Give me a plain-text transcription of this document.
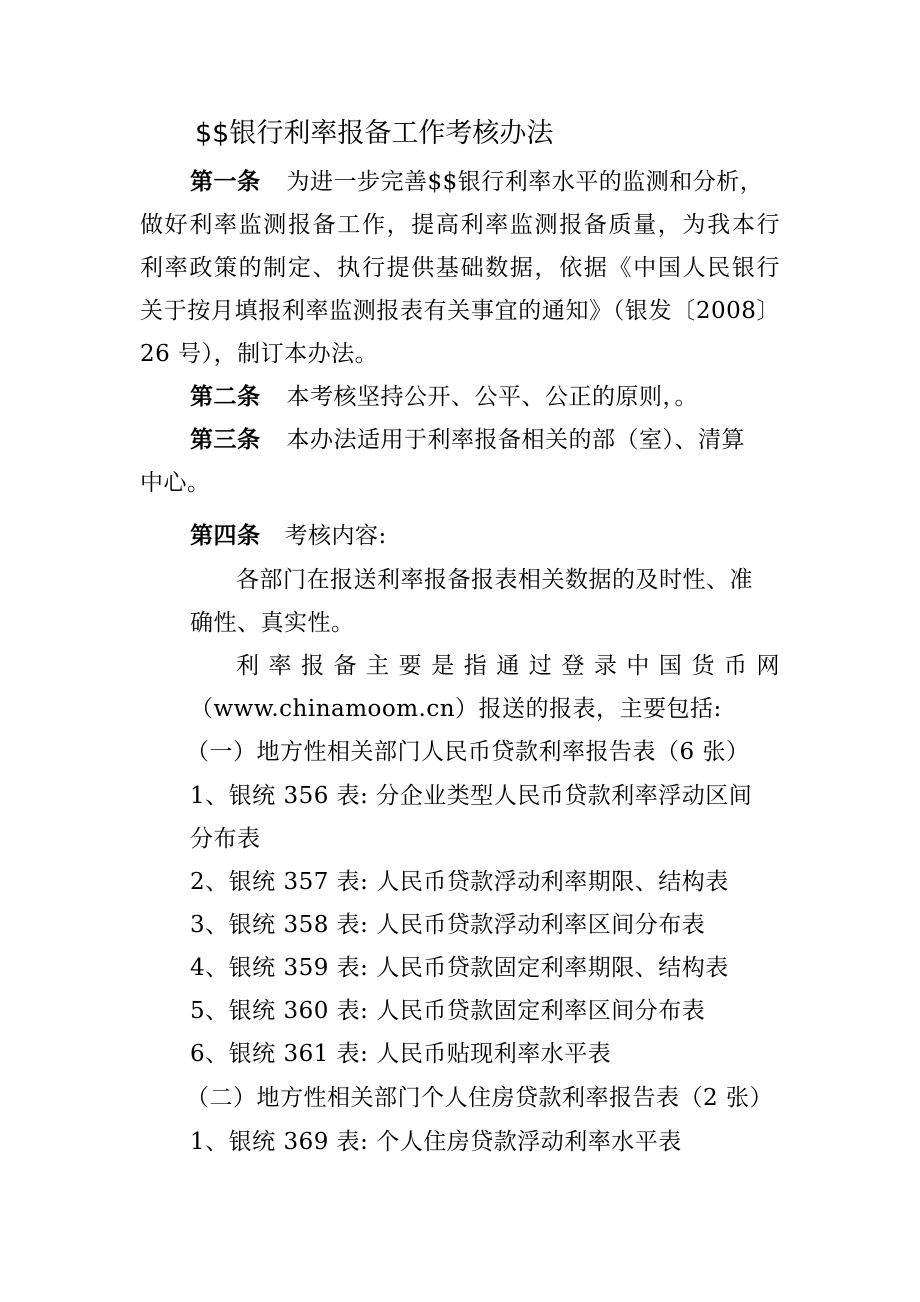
$$银行利率报备工作考核办法
第一条 为进一步完善$$银行利率水平的监测和分析，
做好利率监测报备工作，提高利率监测报备质量，为我本行
利率政策的制定、执行提供基础数据，依据《中国人民银行
关于按月填报利率监测报表有关事宜的通知》（银发〔2008〕
26 号），制订本办法。
第二条 本考核坚持公开、公平、公正的原则，。
第三条 本办法适用于利率报备相关的部（室）、清算
中心。
第四条 考核内容:
各部门在报送利率报备报表相关数据的及时性、准
确性、真实性。
利率报备主要是指通过登录中国货币网
（www.chinamoom.cn）报送的报表，主要包括:
（一）地方性相关部门人民币贷款利率报告表（6 张）
1、银统 356 表: 分企业类型人民币贷款利率浮动区间
分布表
2、银统 357 表: 人民币贷款浮动利率期限、结构表
3、银统 358 表: 人民币贷款浮动利率区间分布表
4、银统 359 表: 人民币贷款固定利率期限、结构表
5、银统 360 表: 人民币贷款固定利率区间分布表
6、银统 361 表: 人民币贴现利率水平表
（二）地方性相关部门个人住房贷款利率报告表（2 张）
1、银统 369 表: 个人住房贷款浮动利率水平表
